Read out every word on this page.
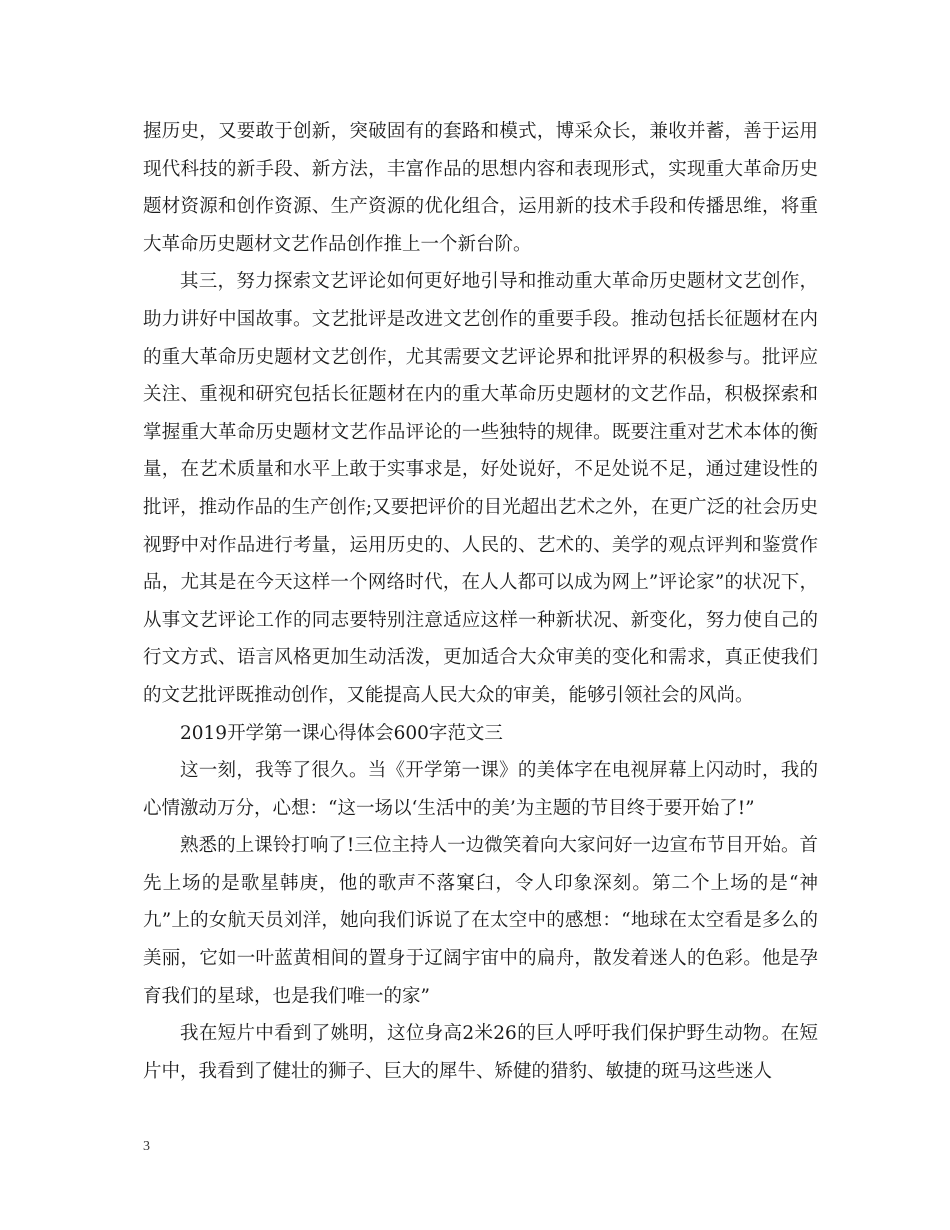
握历史，又要敢于创新，突破固有的套路和模式，博采众长，兼收并蓄，善于运用现代科技的新手段、新方法，丰富作品的思想内容和表现形式，实现重大革命历史题材资源和创作资源、生产资源的优化组合，运用新的技术手段和传播思维，将重大革命历史题材文艺作品创作推上一个新台阶。

其三，努力探索文艺评论如何更好地引导和推动重大革命历史题材文艺创作，助力讲好中国故事。文艺批评是改进文艺创作的重要手段。推动包括长征题材在内的重大革命历史题材文艺创作，尤其需要文艺评论界和批评界的积极参与。批评应关注、重视和研究包括长征题材在内的重大革命历史题材的文艺作品，积极探索和掌握重大革命历史题材文艺作品评论的一些独特的规律。既要注重对艺术本体的衡量，在艺术质量和水平上敢于实事求是，好处说好，不足处说不足，通过建设性的批评，推动作品的生产创作;又要把评价的目光超出艺术之外，在更广泛的社会历史视野中对作品进行考量，运用历史的、人民的、艺术的、美学的观点评判和鉴赏作品，尤其是在今天这样一个网络时代，在人人都可以成为网上”评论家”的状况下，从事文艺评论工作的同志要特别注意适应这样一种新状况、新变化，努力使自己的行文方式、语言风格更加生动活泼，更加适合大众审美的变化和需求，真正使我们的文艺批评既推动创作，又能提高人民大众的审美，能够引领社会的风尚。

2019开学第一课心得体会600字范文三

这一刻，我等了很久。当《开学第一课》的美体字在电视屏幕上闪动时，我的心情激动万分，心想：“这一场以‘生活中的美’为主题的节目终于要开始了!”

熟悉的上课铃打响了!三位主持人一边微笑着向大家问好一边宣布节目开始。首先上场的是歌星韩庚，他的歌声不落窠臼，令人印象深刻。第二个上场的是“神九”上的女航天员刘洋，她向我们诉说了在太空中的感想：“地球在太空看是多么的美丽，它如一叶蓝黄相间的置身于辽阔宇宙中的扁舟，散发着迷人的色彩。他是孕育我们的星球，也是我们唯一的家”

我在短片中看到了姚明，这位身高2米26的巨人呼吁我们保护野生动物。在短片中，我看到了健壮的狮子、巨大的犀牛、矫健的猎豹、敏捷的斑马这些迷人

3
